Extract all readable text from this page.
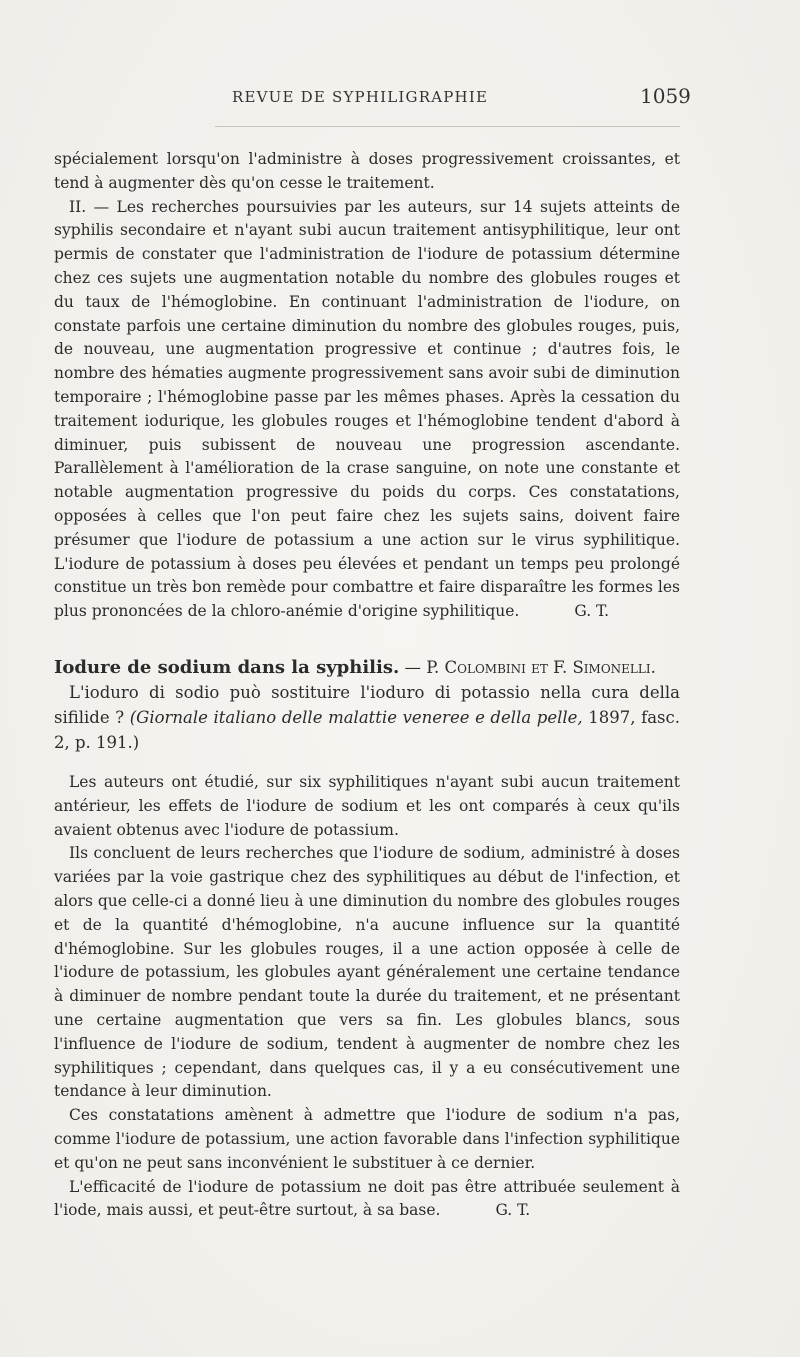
REVUE DE SYPHILIGRAPHIE	1059

spécialement lorsqu'on l'administre à doses progressivement croissantes, et tend à augmenter dès qu'on cesse le traitement.

II. — Les recherches poursuivies par les auteurs, sur 14 sujets atteints de syphilis secondaire et n'ayant subi aucun traitement antisyphilitique, leur ont permis de constater que l'administration de l'iodure de potassium détermine chez ces sujets une augmentation notable du nombre des globules rouges et du taux de l'hémoglobine. En continuant l'administration de l'iodure, on constate parfois une certaine diminution du nombre des globules rouges, puis, de nouveau, une augmentation progressive et continue ; d'autres fois, le nombre des hématies augmente progressivement sans avoir subi de diminution temporaire ; l'hémoglobine passe par les mêmes phases. Après la cessation du traitement iodurique, les globules rouges et l'hémoglobine tendent d'abord à diminuer, puis subissent de nouveau une progression ascendante. Parallèlement à l'amélioration de la crase sanguine, on note une constante et notable augmentation progressive du poids du corps. Ces constatations, opposées à celles que l'on peut faire chez les sujets sains, doivent faire présumer que l'iodure de potassium a une action sur le virus syphilitique. L'iodure de potassium à doses peu élevées et pendant un temps peu prolongé constitue un très bon remède pour combattre et faire disparaître les formes les plus prononcées de la chloro-anémie d'origine syphilitique.	G. T.

Iodure de sodium dans la syphilis. — P. Colombini et F. Simonelli.

L'ioduro di sodio può sostituire l'ioduro di potassio nella cura della sifilide ? (Giornale italiano delle malattie veneree e della pelle, 1897, fasc. 2, p. 191.)

Les auteurs ont étudié, sur six syphilitiques n'ayant subi aucun traitement antérieur, les effets de l'iodure de sodium et les ont comparés à ceux qu'ils avaient obtenus avec l'iodure de potassium.

Ils concluent de leurs recherches que l'iodure de sodium, administré à doses variées par la voie gastrique chez des syphilitiques au début de l'infection, et alors que celle-ci a donné lieu à une diminution du nombre des globules rouges et de la quantité d'hémoglobine, n'a aucune influence sur la quantité d'hémoglobine. Sur les globules rouges, il a une action opposée à celle de l'iodure de potassium, les globules ayant généralement une certaine tendance à diminuer de nombre pendant toute la durée du traitement, et ne présentant une certaine augmentation que vers sa fin. Les globules blancs, sous l'influence de l'iodure de sodium, tendent à augmenter de nombre chez les syphilitiques ; cependant, dans quelques cas, il y a eu consécutivement une tendance à leur diminution.

Ces constatations amènent à admettre que l'iodure de sodium n'a pas, comme l'iodure de potassium, une action favorable dans l'infection syphilitique et qu'on ne peut sans inconvénient le substituer à ce dernier.

L'efficacité de l'iodure de potassium ne doit pas être attribuée seulement à l'iode, mais aussi, et peut-être surtout, à sa base.	G. T.
